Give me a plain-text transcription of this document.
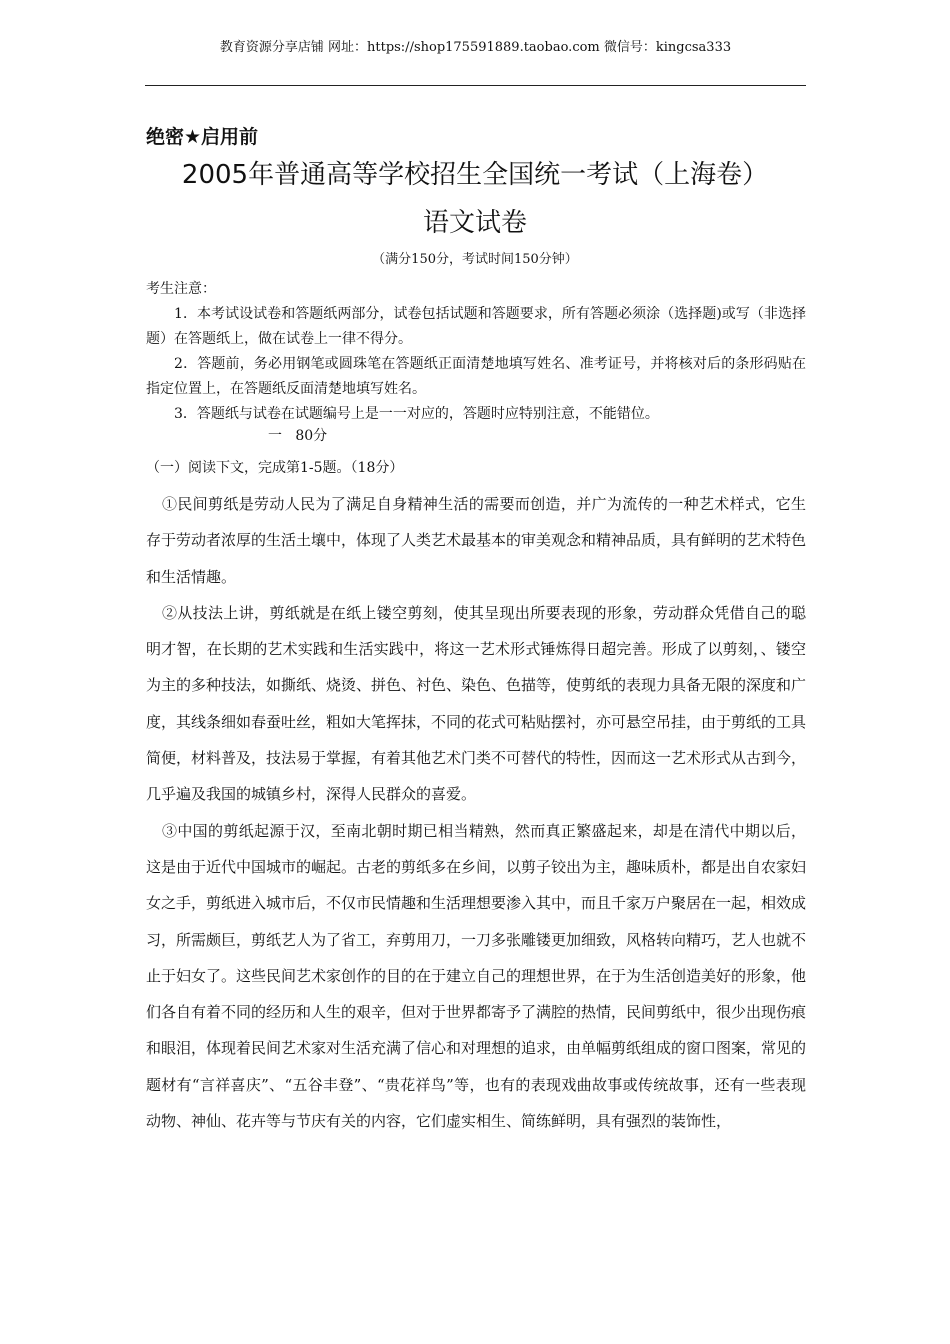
教育资源分享店铺 网址：https://shop175591889.taobao.com 微信号：kingcsa333
绝密★启用前
2005年普通高等学校招生全国统一考试（上海卷）
语文试卷
（满分150分，考试时间150分钟）
考生注意：
1．本考试设试卷和答题纸两部分，试卷包括试题和答题要求，所有答题必须涂（选择题)或写（非选择题）在答题纸上，做在试卷上一律不得分。
2．答题前，务必用钢笔或圆珠笔在答题纸正面清楚地填写姓名、准考证号，并将核对后的条形码贴在指定位置上，在答题纸反面清楚地填写姓名。
3．答题纸与试卷在试题编号上是一一对应的，答题时应特别注意，不能错位。
一   80分
（一）阅读下文，完成第1-5题。（18分）

①民间剪纸是劳动人民为了满足自身精神生活的需要而创造，并广为流传的一种艺术样式，它生存于劳动者浓厚的生活土壤中，体现了人类艺术最基本的审美观念和精神品质，具有鲜明的艺术特色和生活情趣。

②从技法上讲，剪纸就是在纸上镂空剪刻，使其呈现出所要表现的形象，劳动群众凭借自己的聪明才智，在长期的艺术实践和生活实践中，将这一艺术形式锤炼得日超完善。形成了以剪刻，、镂空为主的多种技法，如撕纸、烧烫、拼色、衬色、染色、色描等，使剪纸的表现力具备无限的深度和广度，其线条细如春蚕吐丝，粗如大笔挥抹，不同的花式可粘贴摆衬，亦可悬空吊挂，由于剪纸的工具简便，材料普及，技法易于掌握，有着其他艺术门类不可替代的特性，因而这一艺术形式从古到今，几乎遍及我国的城镇乡村，深得人民群众的喜爱。

③中国的剪纸起源于汉，至南北朝时期已相当精熟，然而真正繁盛起来，却是在清代中期以后，这是由于近代中国城市的崛起。古老的剪纸多在乡间，以剪子铰出为主，趣味质朴，都是出自农家妇女之手，剪纸进入城市后，不仅市民情趣和生活理想要渗入其中，而且千家万户聚居在一起，相效成习，所需颇巨，剪纸艺人为了省工，弃剪用刀，一刀多张雕镂更加细致，风格转向精巧，艺人也就不止于妇女了。这些民间艺术家创作的目的在于建立自己的理想世界，在于为生活创造美好的形象，他们各自有着不同的经历和人生的艰辛，但对于世界都寄予了满腔的热情，民间剪纸中，很少出现伤痕和眼泪，体现着民间艺术家对生活充满了信心和对理想的追求，由单幅剪纸组成的窗口图案，常见的题材有“言祥喜庆”、“五谷丰登”、“贵花祥鸟”等，也有的表现戏曲故事或传统故事，还有一些表现动物、神仙、花卉等与节庆有关的内容，它们虚实相生、简练鲜明，具有强烈的装饰性，
